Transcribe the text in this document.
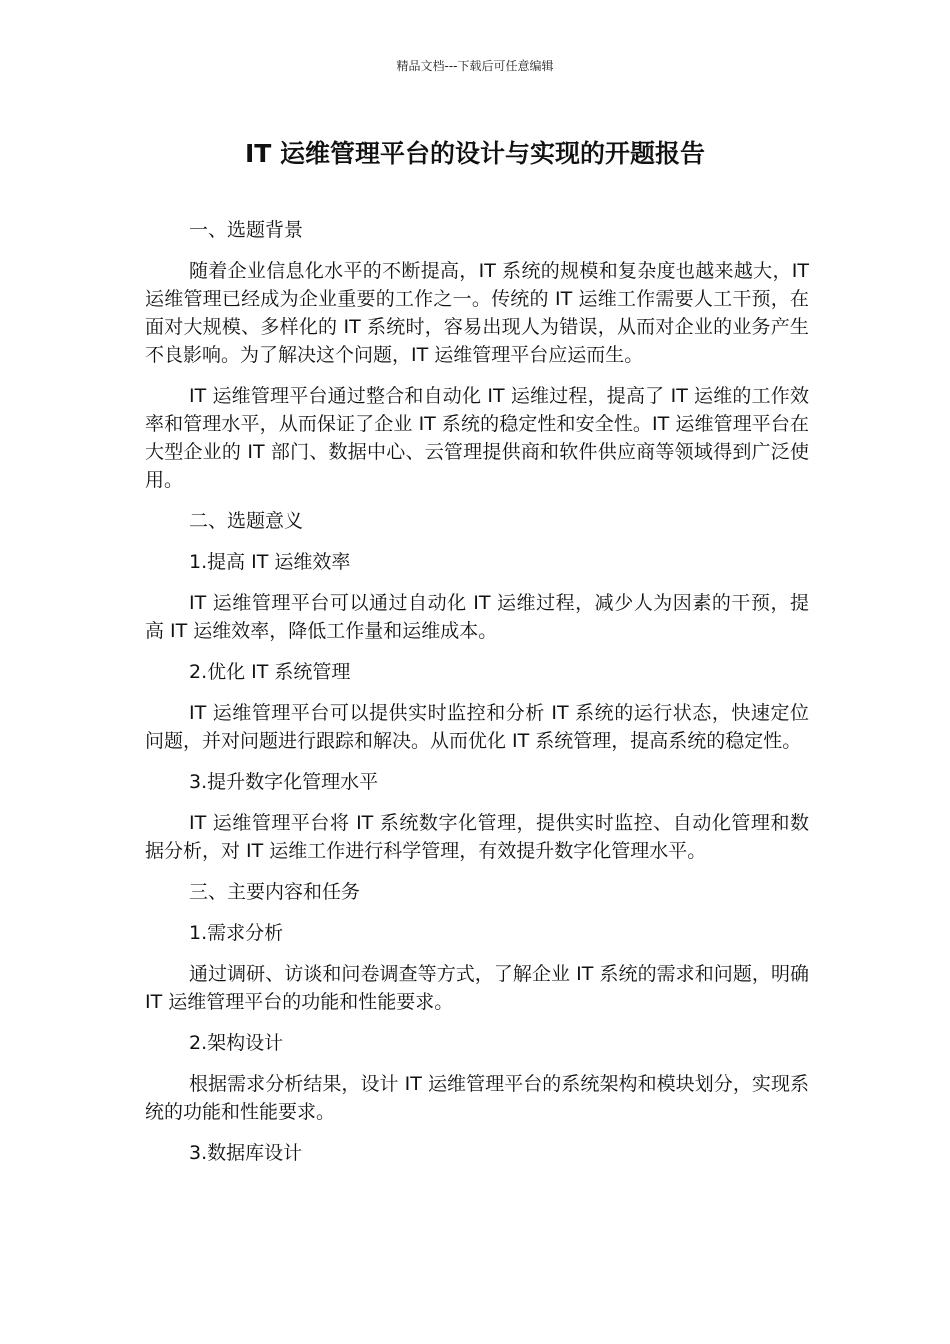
精品文档---下载后可任意编辑
IT 运维管理平台的设计与实现的开题报告

一、选题背景

随着企业信息化水平的不断提高，IT 系统的规模和复杂度也越来越大，IT 运维管理已经成为企业重要的工作之一。传统的 IT 运维工作需要人工干预，在面对大规模、多样化的 IT 系统时，容易出现人为错误，从而对企业的业务产生不良影响。为了解决这个问题，IT 运维管理平台应运而生。

IT 运维管理平台通过整合和自动化 IT 运维过程，提高了 IT 运维的工作效率和管理水平，从而保证了企业 IT 系统的稳定性和安全性。IT 运维管理平台在大型企业的 IT 部门、数据中心、云管理提供商和软件供应商等领域得到广泛使用。

二、选题意义

1.提高 IT 运维效率

IT 运维管理平台可以通过自动化 IT 运维过程，减少人为因素的干预，提高 IT 运维效率，降低工作量和运维成本。

2.优化 IT 系统管理

IT 运维管理平台可以提供实时监控和分析 IT 系统的运行状态，快速定位问题，并对问题进行跟踪和解决。从而优化 IT 系统管理，提高系统的稳定性。

3.提升数字化管理水平

IT 运维管理平台将 IT 系统数字化管理，提供实时监控、自动化管理和数据分析，对 IT 运维工作进行科学管理，有效提升数字化管理水平。

三、主要内容和任务

1.需求分析

通过调研、访谈和问卷调查等方式，了解企业 IT 系统的需求和问题，明确 IT 运维管理平台的功能和性能要求。

2.架构设计

根据需求分析结果，设计 IT 运维管理平台的系统架构和模块划分，实现系统的功能和性能要求。

3.数据库设计
